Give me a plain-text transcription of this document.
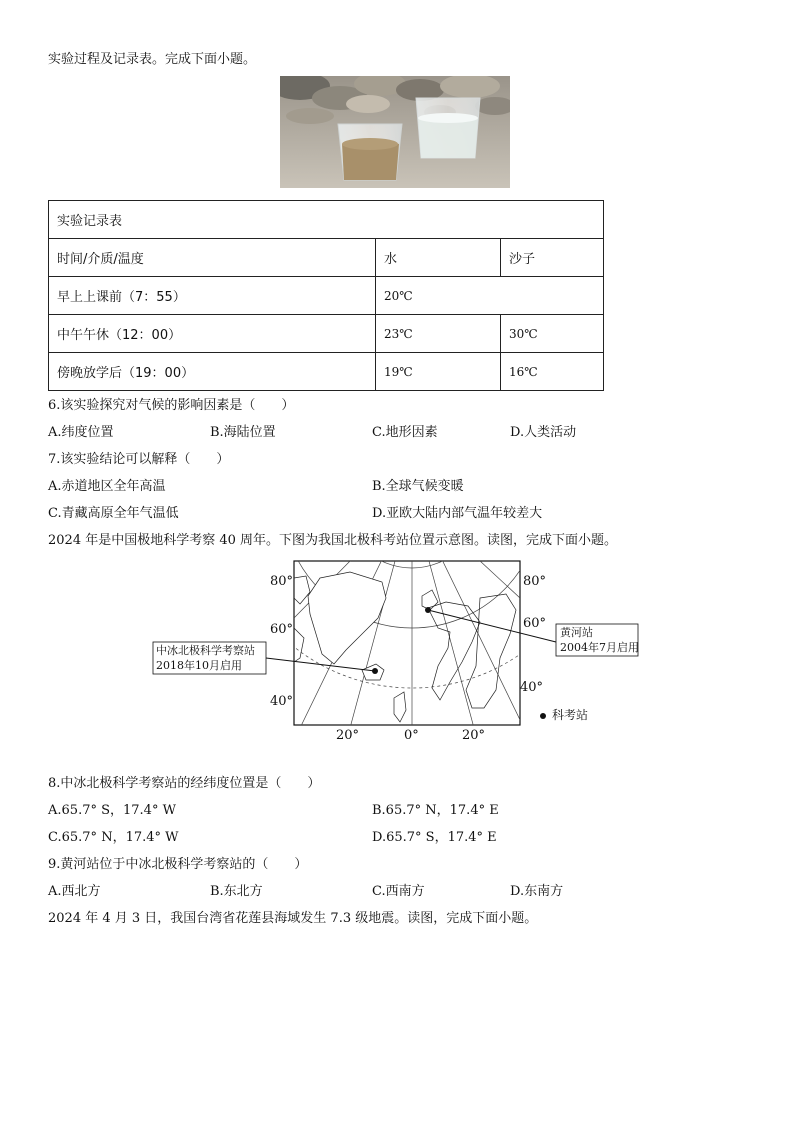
实验过程及记录表。完成下面小题。
实验记录表		
时间/介质/温度	水	沙子
早上上课前（7：55）	20℃	
中午午休（12：00）	23℃	30℃
傍晚放学后（19：00）	19℃	16℃
6.该实验探究对气候的影响因素是（　　）
A.纬度位置	B.海陆位置	C.地形因素	D.人类活动
7.该实验结论可以解释（　　）
A.赤道地区全年高温	B.全球气候变暖
C.青藏高原全年气温低	D.亚欧大陆内部气温年较差大
2024 年是中国极地科学考察 40 周年。下图为我国北极科考站位置示意图。读图，完成下面小题。
80°
60°
40°
80°
60°
40°
20°	0°	20°
中冰北极科学考察站
2018年10月启用
黄河站
2004年7月启用
科考站
8.中冰北极科学考察站的经纬度位置是（　　）
A.65.7° S，17.4° W	B.65.7° N，17.4° E
C.65.7° N，17.4° W	D.65.7° S，17.4° E
9.黄河站位于中冰北极科学考察站的（　　）
A.西北方	B.东北方	C.西南方	D.东南方
2024 年 4 月 3 日，我国台湾省花莲县海域发生 7.3 级地震。读图，完成下面小题。
